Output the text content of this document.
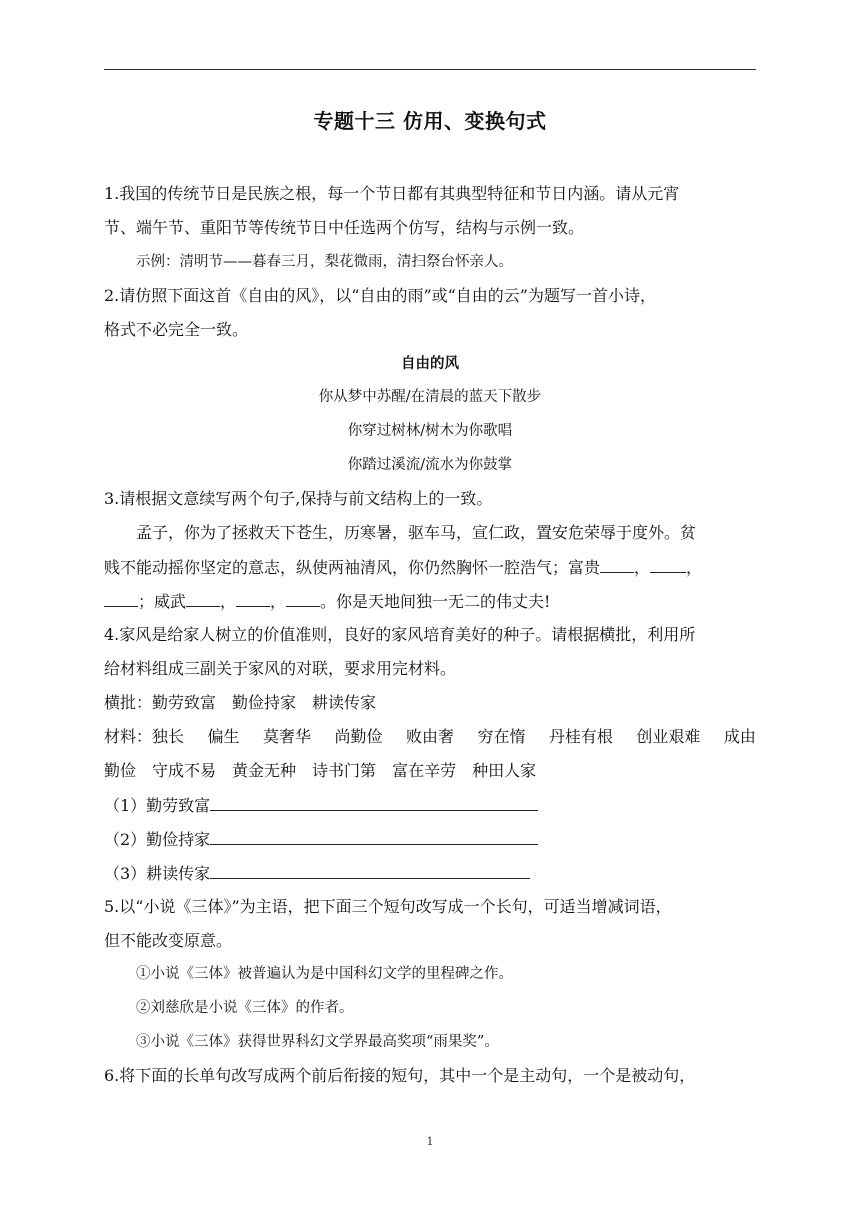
专题十三 仿用、变换句式
1.我国的传统节日是民族之根，每一个节日都有其典型特征和节日内涵。请从元宵
节、端午节、重阳节等传统节日中任选两个仿写，结构与示例一致。
示例：清明节——暮春三月，梨花微雨，清扫祭台怀亲人。
2.请仿照下面这首《自由的风》，以“自由的雨”或“自由的云”为题写一首小诗，
格式不必完全一致。
自由的风
你从梦中苏醒/在清晨的蓝天下散步
你穿过树林/树木为你歌唱
你踏过溪流/流水为你鼓掌
3.请根据文意续写两个句子,保持与前文结构上的一致。
孟子，你为了拯救天下苍生，历寒暑，驱车马，宣仁政，置安危荣辱于度外。贫
贱不能动摇你坚定的意志，纵使两袖清风，你仍然胸怀一腔浩气；富贵 ， ，
；威武 ， ， 。你是天地间独一无二的伟丈夫!
4.家风是给家人树立的价值准则，良好的家风培育美好的种子。请根据横批，利用所
给材料组成三副关于家风的对联，要求用完材料。
横批：勤劳致富 勤俭持家 耕读传家
材料：独长 偏生 莫奢华 尚勤俭 败由奢 穷在惰 丹桂有根 创业艰难 成由
勤俭 守成不易 黄金无种 诗书门第 富在辛劳 种田人家
（1）勤劳致富
（2）勤俭持家
（3）耕读传家
5.以“小说《三体》”为主语，把下面三个短句改写成一个长句，可适当增减词语，
但不能改变原意。
①小说《三体》被普遍认为是中国科幻文学的里程碑之作。
②刘慈欣是小说《三体》的作者。
③小说《三体》获得世界科幻文学界最高奖项“雨果奖”。
6.将下面的长单句改写成两个前后衔接的短句，其中一个是主动句，一个是被动句，
1
